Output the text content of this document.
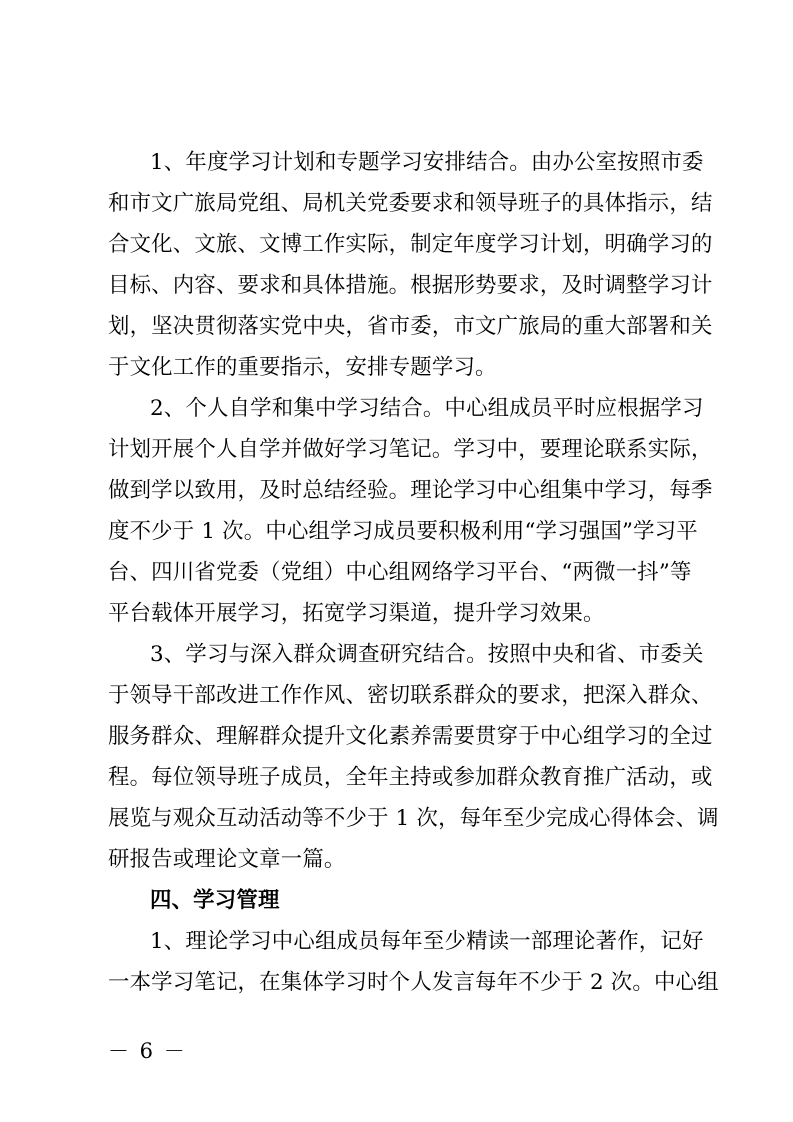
1、年度学习计划和专题学习安排结合。由办公室按照市委
和市文广旅局党组、局机关党委要求和领导班子的具体指示，结
合文化、文旅、文博工作实际，制定年度学习计划，明确学习的
目标、内容、要求和具体措施。根据形势要求，及时调整学习计
划，坚决贯彻落实党中央，省市委，市文广旅局的重大部署和关
于文化工作的重要指示，安排专题学习。
2、个人自学和集中学习结合。中心组成员平时应根据学习
计划开展个人自学并做好学习笔记。学习中，要理论联系实际，
做到学以致用，及时总结经验。理论学习中心组集中学习，每季
度不少于 1 次。中心组学习成员要积极利用“学习强国”学习平
台、四川省党委（党组）中心组网络学习平台、“两微一抖”等
平台载体开展学习，拓宽学习渠道，提升学习效果。
3、学习与深入群众调查研究结合。按照中央和省、市委关
于领导干部改进工作作风、密切联系群众的要求，把深入群众、
服务群众、理解群众提升文化素养需要贯穿于中心组学习的全过
程。每位领导班子成员，全年主持或参加群众教育推广活动，或
展览与观众互动活动等不少于 1 次，每年至少完成心得体会、调
研报告或理论文章一篇。
四、学习管理
1、理论学习中心组成员每年至少精读一部理论著作，记好
一本学习笔记，在集体学习时个人发言每年不少于 2 次。中心组
－ 6 －
